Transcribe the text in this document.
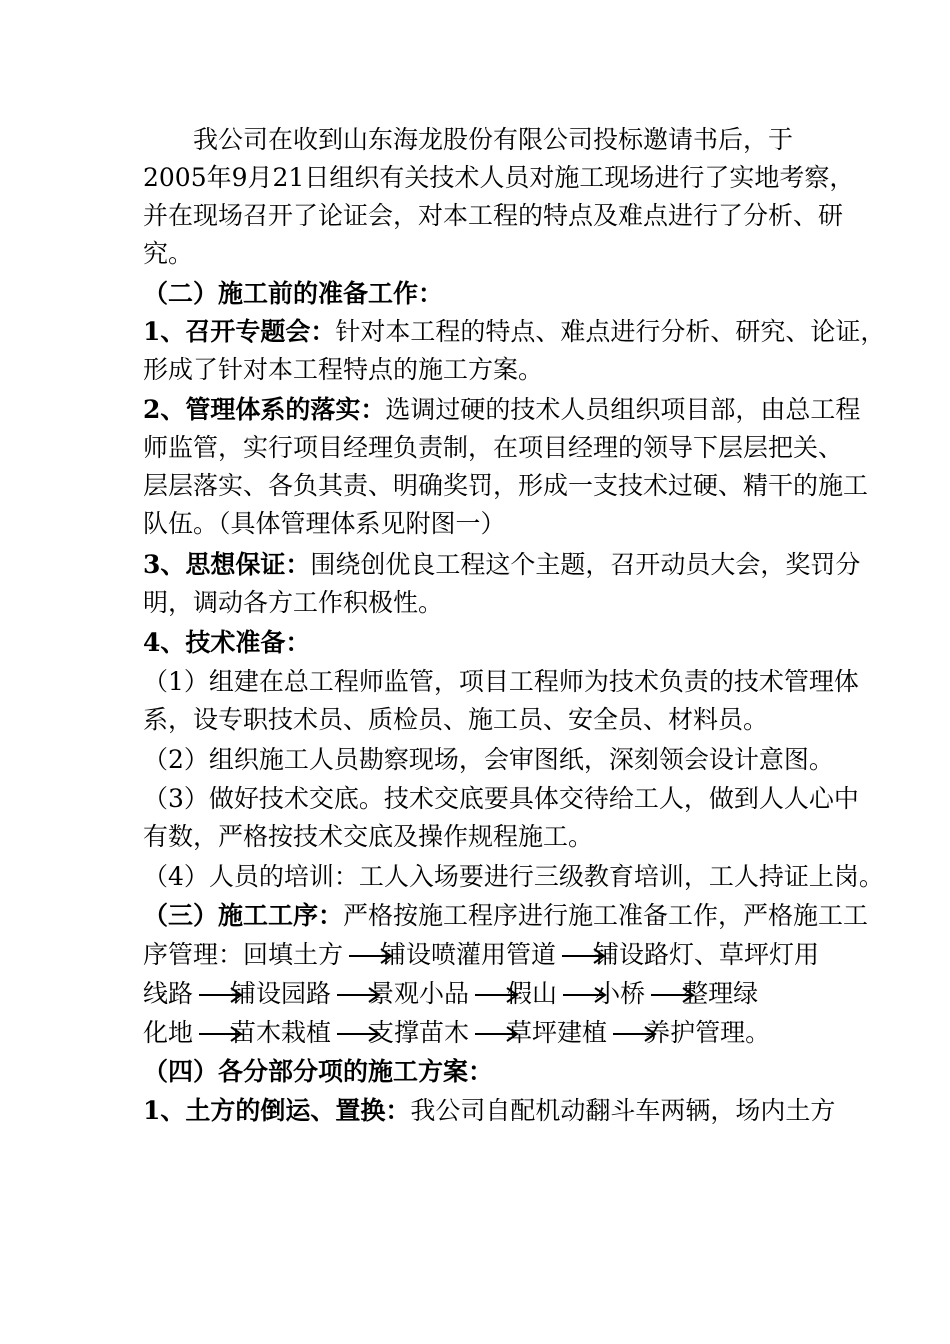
我公司在收到山东海龙股份有限公司投标邀请书后，于
2005年9月21日组织有关技术人员对施工现场进行了实地考察，
并在现场召开了论证会，对本工程的特点及难点进行了分析、研
究。
（二）施工前的准备工作：
1、召开专题会：针对本工程的特点、难点进行分析、研究、论证，
形成了针对本工程特点的施工方案。
2、管理体系的落实：选调过硬的技术人员组织项目部，由总工程
师监管，实行项目经理负责制，在项目经理的领导下层层把关、
层层落实、各负其责、明确奖罚，形成一支技术过硬、精干的施工
队伍。（具体管理体系见附图一）
3、思想保证：围绕创优良工程这个主题，召开动员大会，奖罚分
明，调动各方工作积极性。
4、技术准备：
（1）组建在总工程师监管，项目工程师为技术负责的技术管理体
系，设专职技术员、质检员、施工员、安全员、材料员。
（2）组织施工人员勘察现场，会审图纸，深刻领会设计意图。
（3）做好技术交底。技术交底要具体交待给工人，做到人人心中
有数，严格按技术交底及操作规程施工。
（4）人员的培训：工人入场要进行三级教育培训，工人持证上岗。
（三）施工工序：严格按施工程序进行施工准备工作，严格施工工
序管理：回填土方 铺设喷灌用管道 铺设路灯、草坪灯用
线路 铺设园路 景观小品 假山 小桥 整理绿
化地 苗木栽植 支撑苗木 草坪建植 养护管理。
（四）各分部分项的施工方案：
1、土方的倒运、置换：我公司自配机动翻斗车两辆，场内土方
